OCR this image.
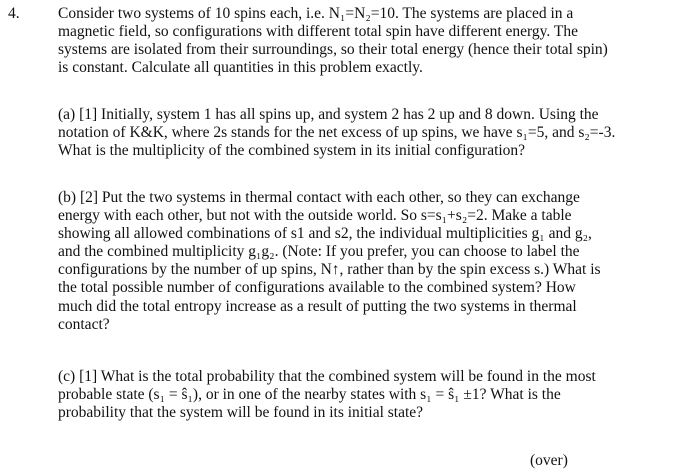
4. Consider two systems of 10 spins each, i.e. N₁=N₂=10. The systems are placed in a
magnetic field, so configurations with different total spin have different energy. The
systems are isolated from their surroundings, so their total energy (hence their total spin)
is constant. Calculate all quantities in this problem exactly.
(a) [1] Initially, system 1 has all spins up, and system 2 has 2 up and 8 down. Using the
notation of K&K, where 2s stands for the net excess of up spins, we have s₁=5, and s₂=-3.
What is the multiplicity of the combined system in its initial configuration?
(b) [2] Put the two systems in thermal contact with each other, so they can exchange
energy with each other, but not with the outside world. So s=s₁+s₂=2. Make a table
showing all allowed combinations of s1 and s2, the individual multiplicities g₁ and g₂,
and the combined multiplicity g₁g₂. (Note: If you prefer, you can choose to label the
configurations by the number of up spins, N↑, rather than by the spin excess s.) What is
the total possible number of configurations available to the combined system? How
much did the total entropy increase as a result of putting the two systems in thermal
contact?
(c) [1] What is the total probability that the combined system will be found in the most
probable state (s₁ = ŝ₁), or in one of the nearby states with s₁ = ŝ₁ ±1? What is the
probability that the system will be found in its initial state?
(over)
